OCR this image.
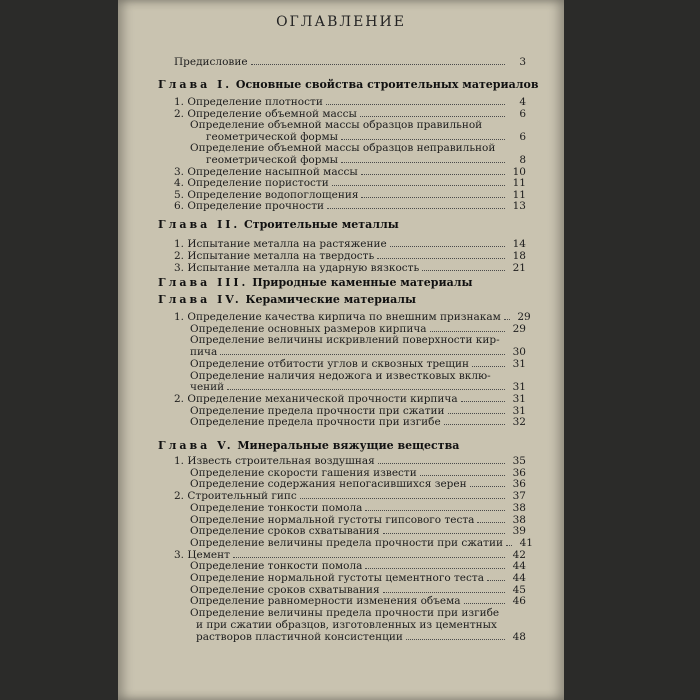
ОГЛАВЛЕНИЕ
Предисловие	3
Глава I. Основные свойства строительных материалов
1. Определение плотности	4
2. Определение объемной массы	6
Определение объемной массы образцов правильной
геометрической формы	6
Определение объемной массы образцов неправильной
геометрической формы	8
3. Определение насыпной массы	10
4. Определение пористости	11
5. Определение водопоглощения	11
6. Определение прочности	13
Глава II. Строительные металлы
1. Испытание металла на растяжение	14
2. Испытание металла на твердость	18
3. Испытание металла на ударную вязкость	21
Глава III. Природные каменные материалы
Глава IV. Керамические материалы
1. Определение качества кирпича по внешним признакам	29
Определение основных размеров кирпича	29
Определение величины искривлений поверхности кир-
пича	30
Определение отбитости углов и сквозных трещин	31
Определение наличия недожога и известковых вклю-
чений	31
2. Определение механической прочности кирпича	31
Определение предела прочности при сжатии	31
Определение предела прочности при изгибе	32
Глава V. Минеральные вяжущие вещества
1. Известь строительная воздушная	35
Определение скорости гашения извести	36
Определение содержания непогасившихся зерен	36
2. Строительный гипс	37
Определение тонкости помола	38
Определение нормальной густоты гипсового теста	38
Определение сроков схватывания	39
Определение величины предела прочности при сжатии	41
3. Цемент	42
Определение тонкости помола	44
Определение нормальной густоты цементного теста	44
Определение сроков схватывания	45
Определение равномерности изменения объема	46
Определение величины предела прочности при изгибе
и при сжатии образцов, изготовленных из цементных
растворов пластичной консистенции	48
